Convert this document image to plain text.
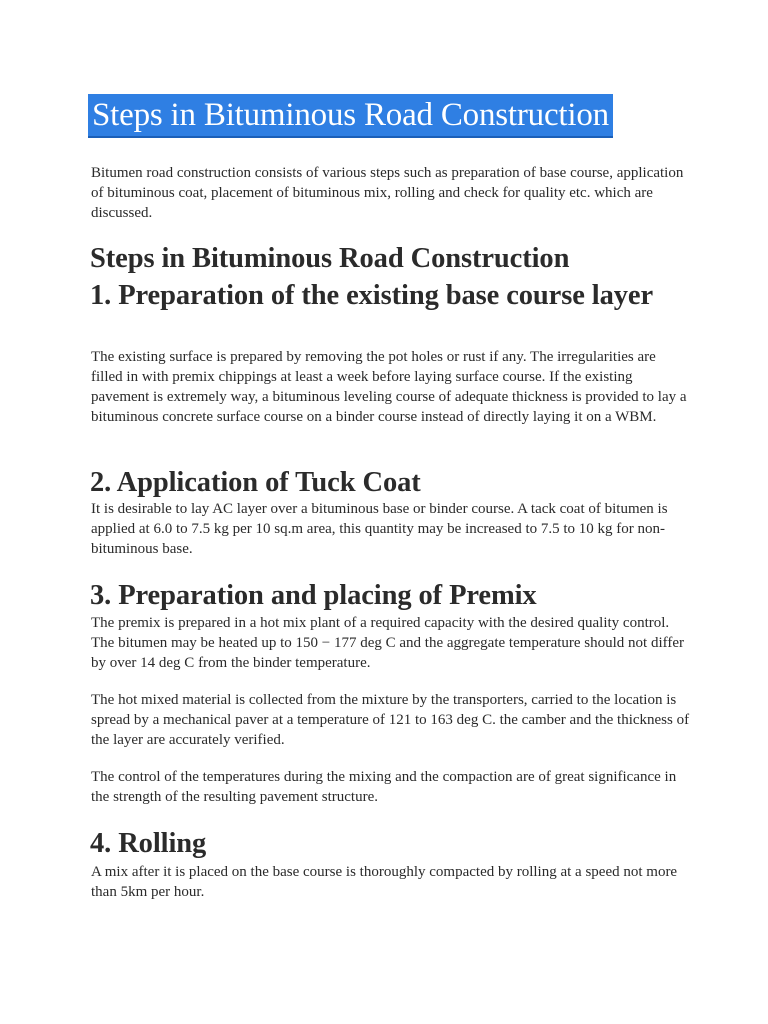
Steps in Bituminous Road Construction

Bitumen road construction consists of various steps such as preparation of base course, application of bituminous coat, placement of bituminous mix, rolling and check for quality etc. which are discussed.

Steps in Bituminous Road Construction
1. Preparation of the existing base course layer

The existing surface is prepared by removing the pot holes or rust if any. The irregularities are filled in with premix chippings at least a week before laying surface course. If the existing pavement is extremely way, a bituminous leveling course of adequate thickness is provided to lay a bituminous concrete surface course on a binder course instead of directly laying it on a WBM.

2. Application of Tuck Coat

It is desirable to lay AC layer over a bituminous base or binder course. A tack coat of bitumen is applied at 6.0 to 7.5 kg per 10 sq.m area, this quantity may be increased to 7.5 to 10 kg for non-bituminous base.

3. Preparation and placing of Premix

The premix is prepared in a hot mix plant of a required capacity with the desired quality control. The bitumen may be heated up to 150 − 177 deg C and the aggregate temperature should not differ by over 14 deg C from the binder temperature.

The hot mixed material is collected from the mixture by the transporters, carried to the location is spread by a mechanical paver at a temperature of 121 to 163 deg C. the camber and the thickness of the layer are accurately verified.

The control of the temperatures during the mixing and the compaction are of great significance in the strength of the resulting pavement structure.

4. Rolling

A mix after it is placed on the base course is thoroughly compacted by rolling at a speed not more than 5km per hour.
